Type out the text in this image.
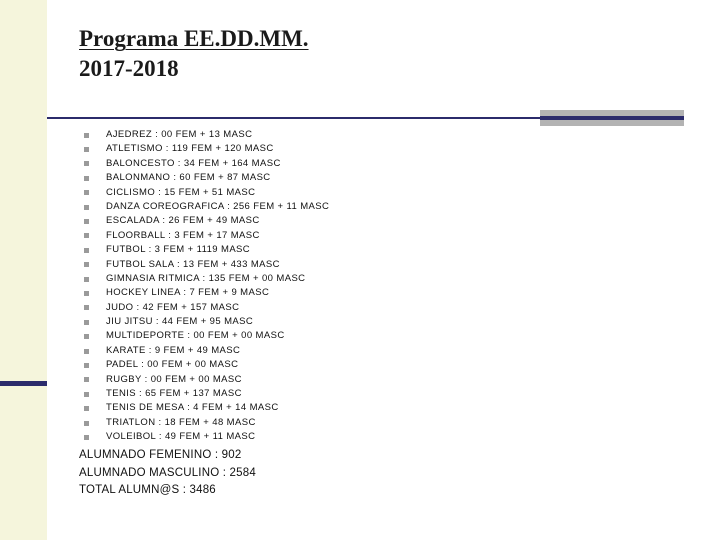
Programa EE.DD.MM.
2017-2018
AJEDREZ : 00 FEM + 13 MASC
ATLETISMO : 119 FEM + 120 MASC
BALONCESTO : 34 FEM + 164 MASC
BALONMANO : 60 FEM + 87 MASC
CICLISMO : 15 FEM + 51 MASC
DANZA COREOGRAFICA : 256 FEM + 11 MASC
ESCALADA : 26 FEM + 49 MASC
FLOORBALL : 3 FEM + 17 MASC
FUTBOL : 3 FEM + 1119 MASC
FUTBOL SALA : 13 FEM + 433 MASC
GIMNASIA RITMICA : 135 FEM + 00 MASC
HOCKEY LINEA : 7 FEM + 9 MASC
JUDO : 42 FEM + 157 MASC
JIU JITSU : 44 FEM + 95 MASC
MULTIDEPORTE : 00 FEM + 00 MASC
KARATE : 9 FEM + 49 MASC
PADEL : 00 FEM + 00 MASC
RUGBY : 00 FEM + 00 MASC
TENIS : 65 FEM + 137 MASC
TENIS DE MESA : 4 FEM + 14 MASC
TRIATLON : 18 FEM + 48 MASC
VOLEIBOL : 49 FEM + 11 MASC
ALUMNADO FEMENINO : 902
ALUMNADO MASCULINO : 2584
TOTAL ALUMN@S : 3486
